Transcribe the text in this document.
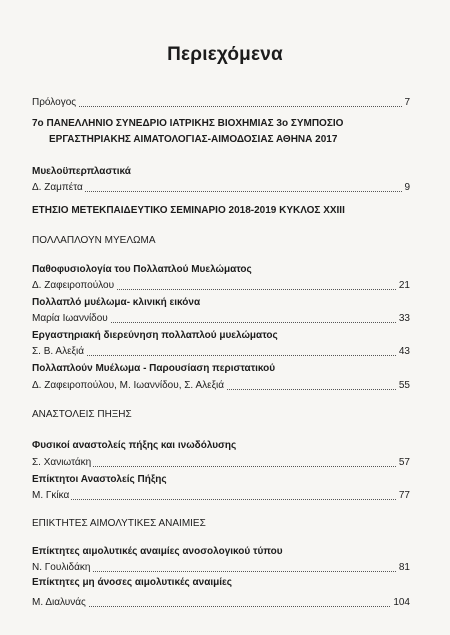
Περιεχόμενα
Πρόλογος	7
7ο ΠΑΝΕΛΛΗΝΙΟ ΣΥΝΕΔΡΙΟ ΙΑΤΡΙΚΗΣ ΒΙΟΧΗΜΙΑΣ 3ο ΣΥΜΠΟΣΙΟ
ΕΡΓΑΣΤΗΡΙΑΚΗΣ ΑΙΜΑΤΟΛΟΓΙΑΣ-ΑΙΜΟΔΟΣΙΑΣ ΑΘΗΝΑ 2017
Μυελοϋπερπλαστικά
Δ. Ζαμπέτα	9
ΕΤΗΣΙΟ ΜΕΤΕΚΠΑΙΔΕΥΤΙΚΟ ΣΕΜΙΝΑΡΙΟ 2018-2019 ΚΥΚΛΟΣ XXIII
ΠΟΛΛΑΠΛΟΥΝ ΜΥΕΛΩΜΑ
Παθοφυσιολογία του Πολλαπλού Μυελώματος
Δ. Ζαφειροπούλου	21
Πολλαπλό μυέλωμα- κλινική εικόνα
Μαρία Ιωαννίδου	33
Εργαστηριακή διερεύνηση πολλαπλού μυελώματος
Σ. Β. Αλεξιά	43
Πολλαπλούν Μυέλωμα - Παρουσίαση περιστατικού
Δ. Ζαφειροπούλου, Μ. Ιωαννίδου, Σ. Αλεξιά	55
ΑΝΑΣΤΟΛΕΙΣ ΠΗΞΗΣ
Φυσικοί αναστολείς πήξης και ινωδόλυσης
Σ. Χανιωτάκη	57
Επίκτητοι Αναστολείς Πήξης
Μ. Γκίκα	77
ΕΠΙΚΤΗΤΕΣ ΑΙΜΟΛΥΤΙΚΕΣ ΑΝΑΙΜΙΕΣ
Επίκτητες αιμολυτικές αναιμίες ανοσολογικού τύπου
Ν. Γουλιδάκη	81
Επίκτητες μη άνοσες αιμολυτικές αναιμίες
Μ. Διαλυνάς	104
